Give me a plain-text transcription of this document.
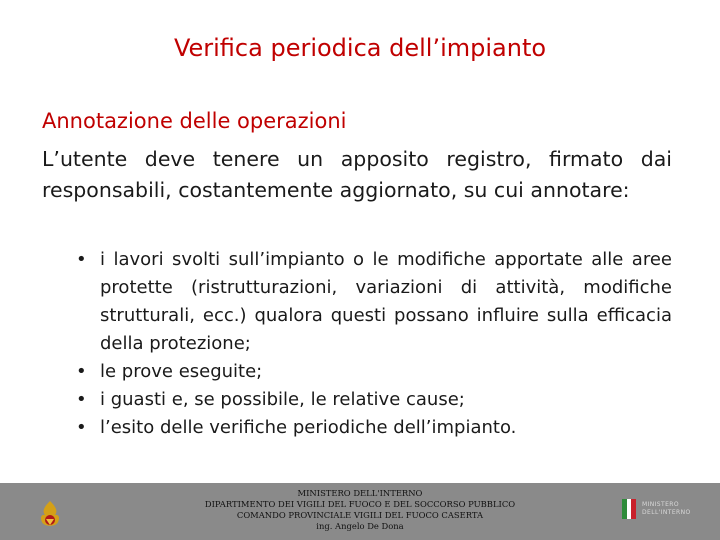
Verifica periodica dell’impianto
Annotazione delle operazioni

L’utente deve tenere un apposito registro, firmato dai responsabili, costantemente aggiornato, su cui annotare:

• i lavori svolti sull’impianto o le modifiche apportate alle aree protette (ristrutturazioni, variazioni di attività, modifiche strutturali, ecc.) qualora questi possano influire sulla efficacia della protezione;
• le prove eseguite;
• i guasti e, se possibile, le relative cause;
• l’esito delle verifiche periodiche dell’impianto.
MINISTERO DELL'INTERNO
DIPARTIMENTO DEI VIGILI DEL FUOCO E DEL SOCCORSO PUBBLICO
COMANDO PROVINCIALE VIGILI DEL FUOCO CASERTA
ing. Angelo De Dona
MINISTERO DELL'INTERNO
